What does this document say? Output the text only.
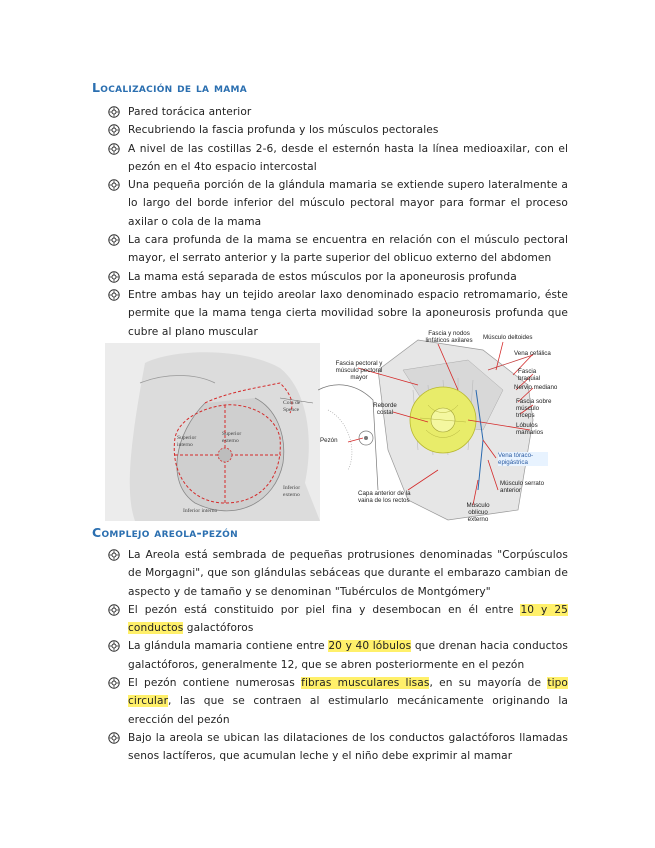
Localización de la mama
Pared torácica anterior
Recubriendo la fascia profunda y los músculos pectorales
A nivel de las costillas 2-6, desde el esternón hasta la línea medioaxilar, con el pezón en el 4to espacio intercostal
Una pequeña porción de la glándula mamaria se extiende supero lateralmente a lo largo del borde inferior del músculo pectoral mayor para formar el proceso axilar o cola de la mama
La cara profunda de la mama se encuentra en relación con el músculo pectoral mayor, el serrato anterior y la parte superior del oblicuo externo del abdomen
La mama está separada de estos músculos por la aponeurosis profunda
Entre ambas hay un tejido areolar laxo denominado espacio retromamario, éste permite que la mama tenga cierta movilidad sobre la aponeurosis profunda que cubre al plano muscular
Cola de Spence
Superior interno
Superior externo
Inferior externo
Inferior interno
Fascia y nodos linfáticos axilares	Músculo deltoides
Vena cefálica
Fascia braquial
Fascia pectoral y músculo pectoral mayor
Nervio mediano
Fascia sobre músculo tríceps
Reborde costal
Lóbulos mamarios
Pezón
Vena tóraco-epigástrica
Músculo serrato anterior
Capa anterior de la vaina de los rectos
Músculo oblicuo externo
Complejo areola-pezón
La Areola está sembrada de pequeñas protrusiones denominadas "Corpúsculos de Morgagni", que son glándulas sebáceas que durante el embarazo cambian de aspecto y de tamaño y se denominan "Tubérculos de Montgómery"
El pezón está constituido por piel fina y desembocan en él entre 10 y 25 conductos galactóforos
La glándula mamaria contiene entre 20 y 40 lóbulos que drenan hacia conductos galactóforos, generalmente 12, que se abren posteriormente en el pezón
El pezón contiene numerosas fibras musculares lisas, en su mayoría de tipo circular, las que se contraen al estimularlo mecánicamente originando la erección del pezón
Bajo la areola se ubican las dilataciones de los conductos galactóforos llamadas senos lactíferos, que acumulan leche y el niño debe exprimir al mamar
